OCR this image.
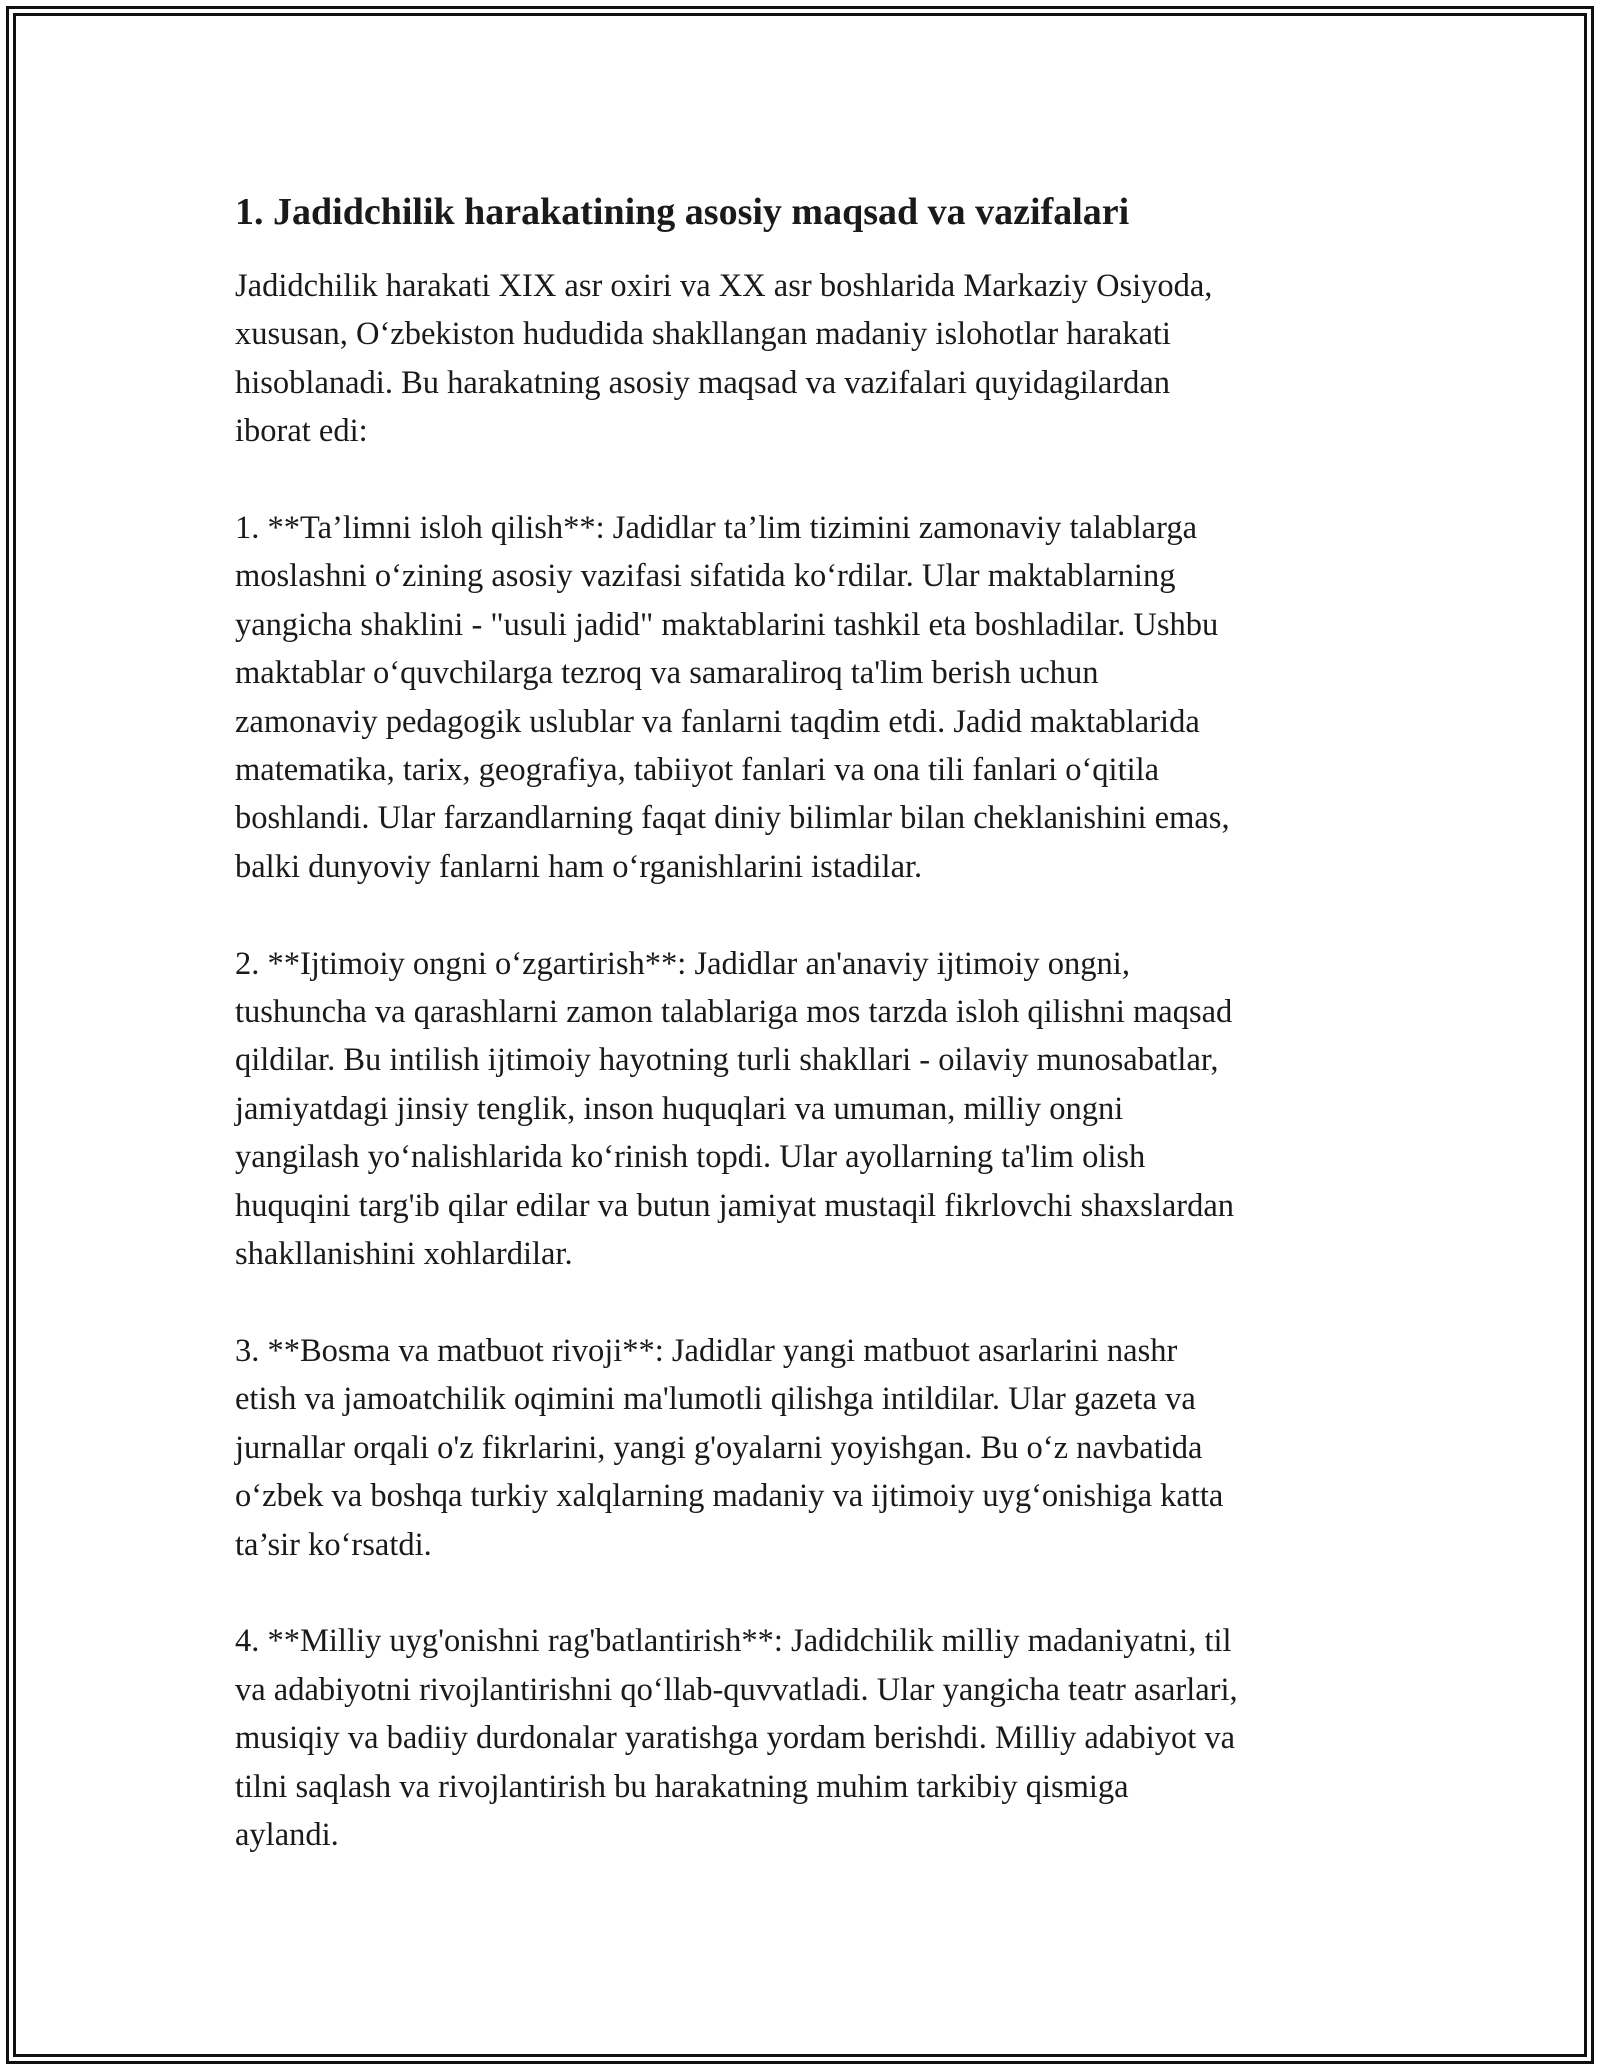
1. Jadidchilik harakatining asosiy maqsad va vazifalari

Jadidchilik harakati XIX asr oxiri va XX asr boshlarida Markaziy Osiyoda,
xususan, O‘zbekiston hududida shakllangan madaniy islohotlar harakati
hisoblanadi. Bu harakatning asosiy maqsad va vazifalari quyidagilardan
iborat edi:

1. **Ta’limni isloh qilish**: Jadidlar ta’lim tizimini zamonaviy talablarga
moslashni o‘zining asosiy vazifasi sifatida ko‘rdilar. Ular maktablarning
yangicha shaklini - "usuli jadid" maktablarini tashkil eta boshladilar. Ushbu
maktablar o‘quvchilarga tezroq va samaraliroq ta'lim berish uchun
zamonaviy pedagogik uslublar va fanlarni taqdim etdi. Jadid maktablarida
matematika, tarix, geografiya, tabiiyot fanlari va ona tili fanlari o‘qitila
boshlandi. Ular farzandlarning faqat diniy bilimlar bilan cheklanishini emas,
balki dunyoviy fanlarni ham o‘rganishlarini istadilar.

2. **Ijtimoiy ongni o‘zgartirish**: Jadidlar an'anaviy ijtimoiy ongni,
tushuncha va qarashlarni zamon talablariga mos tarzda isloh qilishni maqsad
qildilar. Bu intilish ijtimoiy hayotning turli shakllari - oilaviy munosabatlar,
jamiyatdagi jinsiy tenglik, inson huquqlari va umuman, milliy ongni
yangilash yo‘nalishlarida ko‘rinish topdi. Ular ayollarning ta'lim olish
huquqini targ'ib qilar edilar va butun jamiyat mustaqil fikrlovchi shaxslardan
shakllanishini xohlardilar.

3. **Bosma va matbuot rivoji**: Jadidlar yangi matbuot asarlarini nashr
etish va jamoatchilik oqimini ma'lumotli qilishga intildilar. Ular gazeta va
jurnallar orqali o'z fikrlarini, yangi g'oyalarni yoyishgan. Bu o‘z navbatida
o‘zbek va boshqa turkiy xalqlarning madaniy va ijtimoiy uyg‘onishiga katta
ta’sir ko‘rsatdi.

4. **Milliy uyg'onishni rag'batlantirish**: Jadidchilik milliy madaniyatni, til
va adabiyotni rivojlantirishni qo‘llab-quvvatladi. Ular yangicha teatr asarlari,
musiqiy va badiiy durdonalar yaratishga yordam berishdi. Milliy adabiyot va
tilni saqlash va rivojlantirish bu harakatning muhim tarkibiy qismiga
aylandi.
